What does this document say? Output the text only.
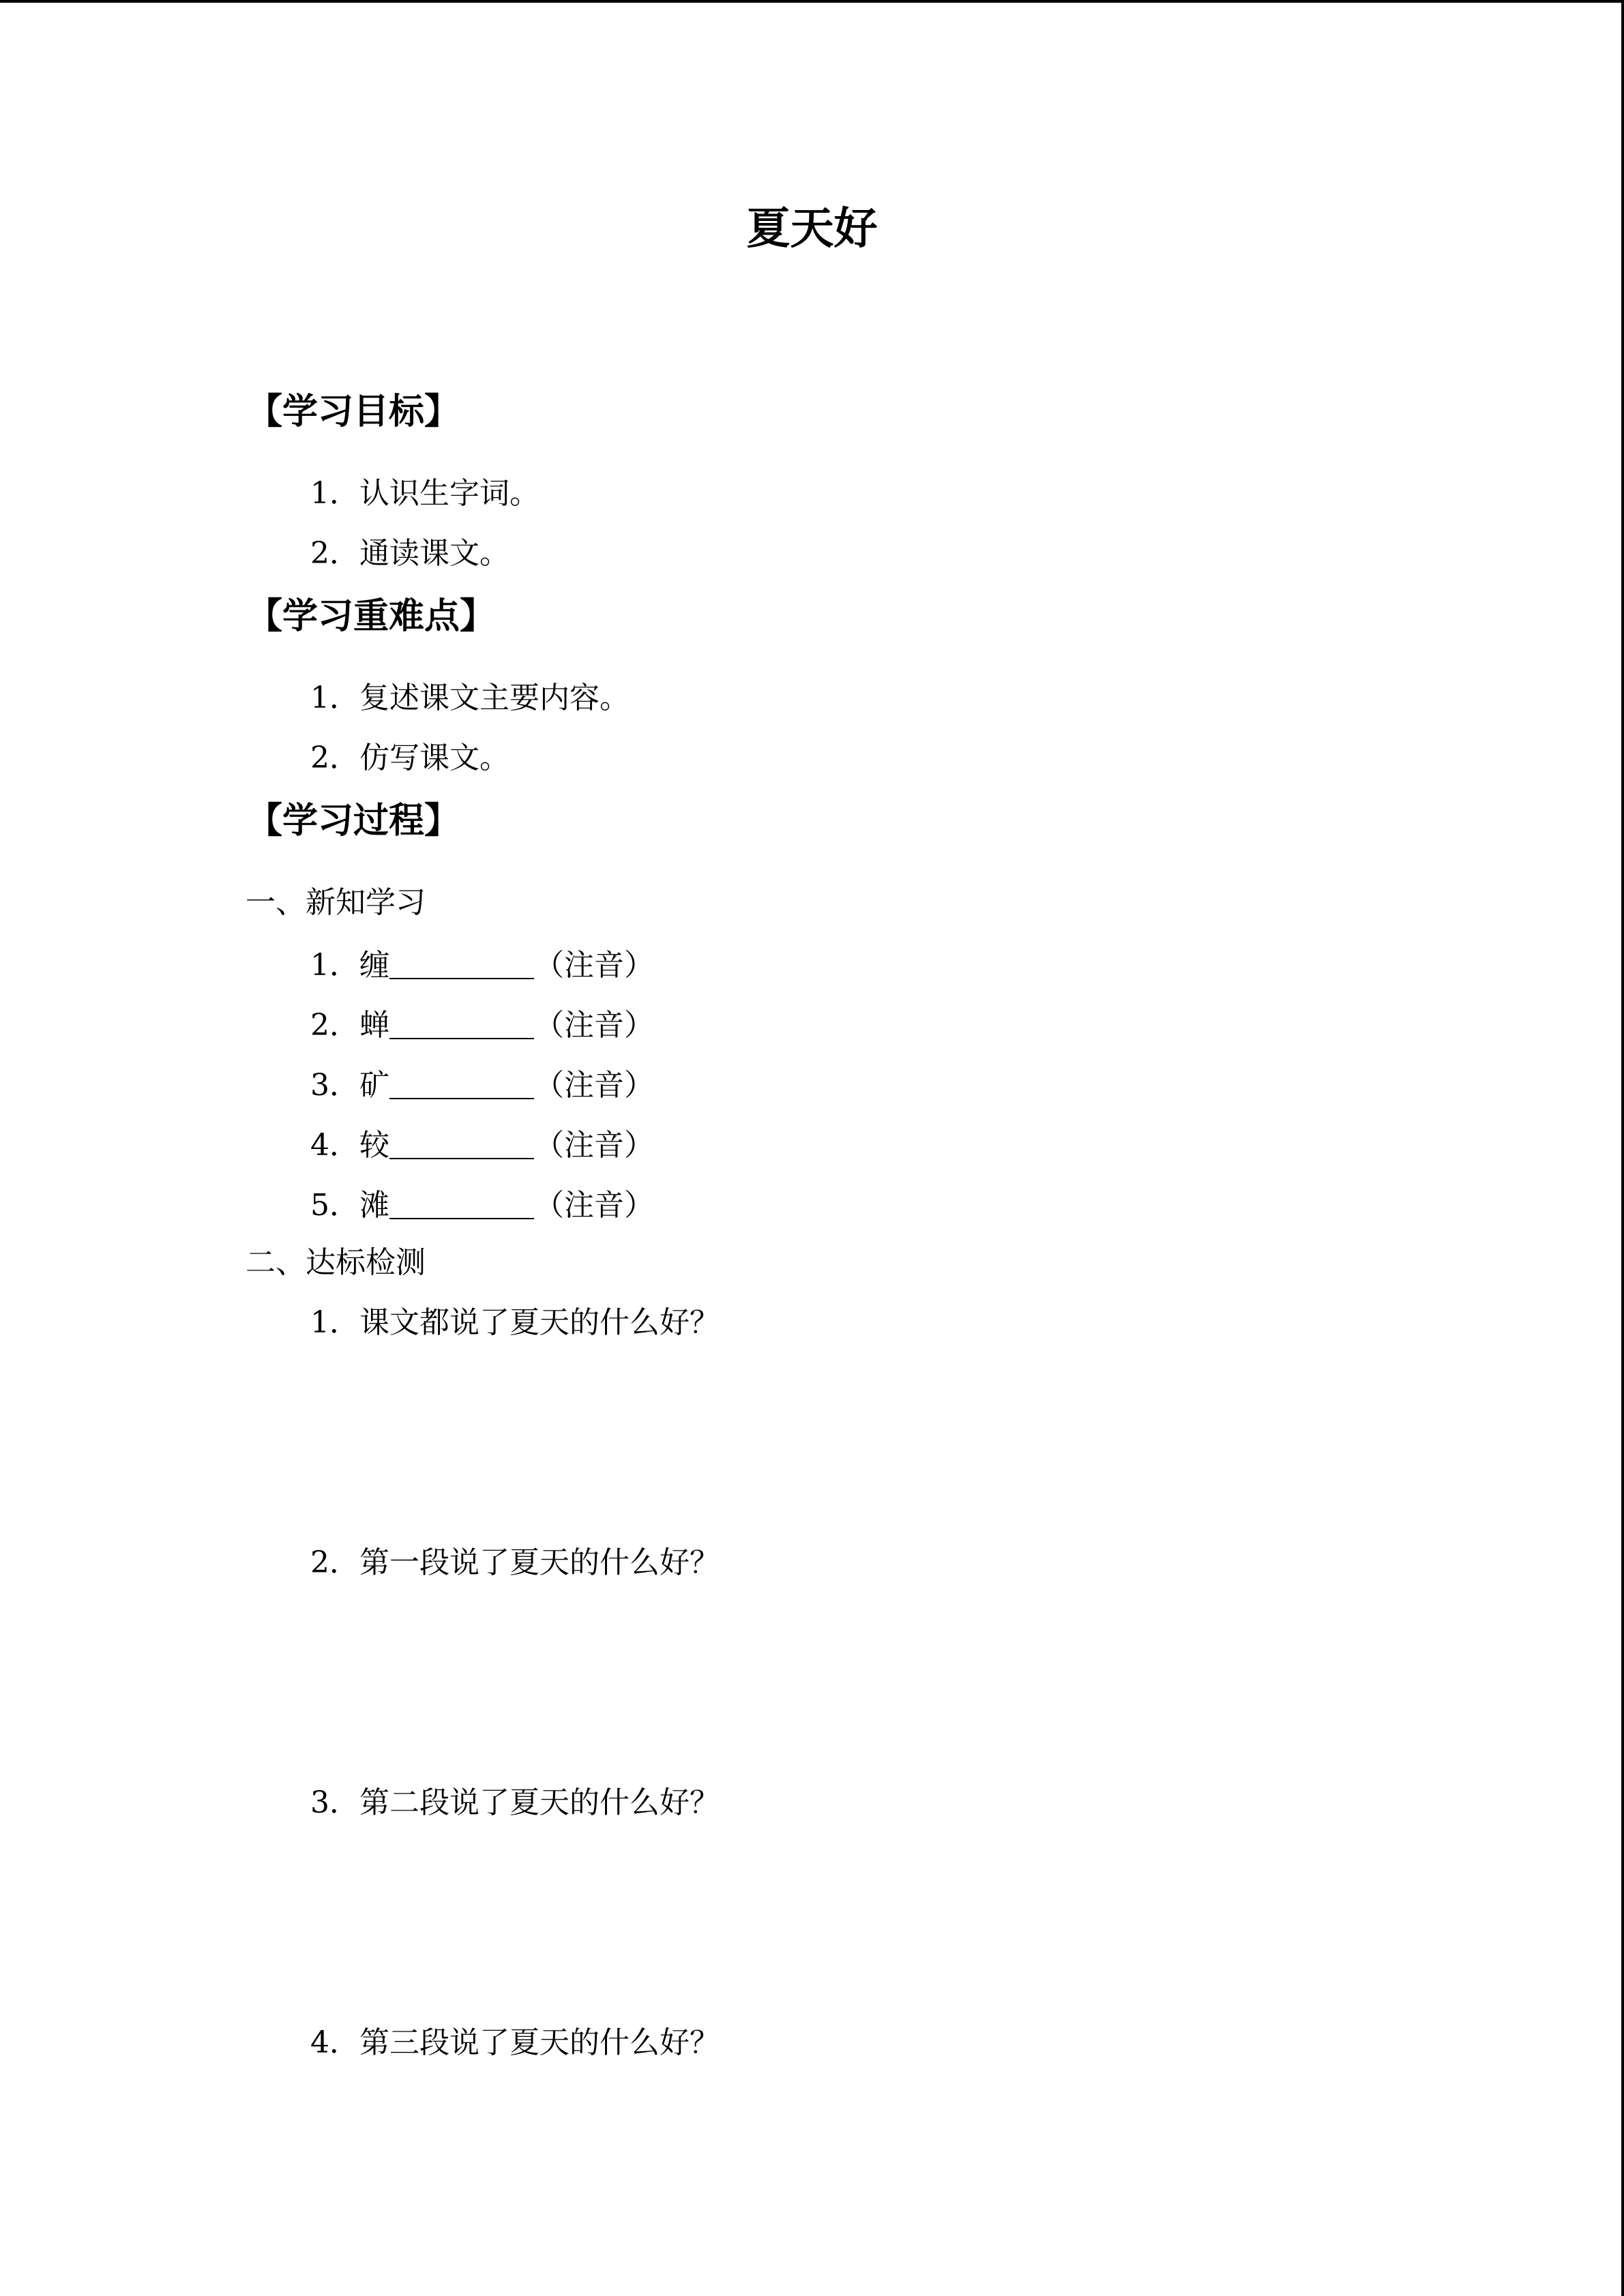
夏天好
【学习目标】
1．认识生字词。
2．通读课文。
【学习重难点】
1．复述课文主要内容。
2．仿写课文。
【学习过程】
一、新知学习
1．缠	（注音）
2．蝉	（注音）
3．矿	（注音）
4．较	（注音）
5．滩	（注音）
二、达标检测
1．课文都说了夏天的什么好？
2．第一段说了夏天的什么好？
3．第二段说了夏天的什么好？
4．第三段说了夏天的什么好？
